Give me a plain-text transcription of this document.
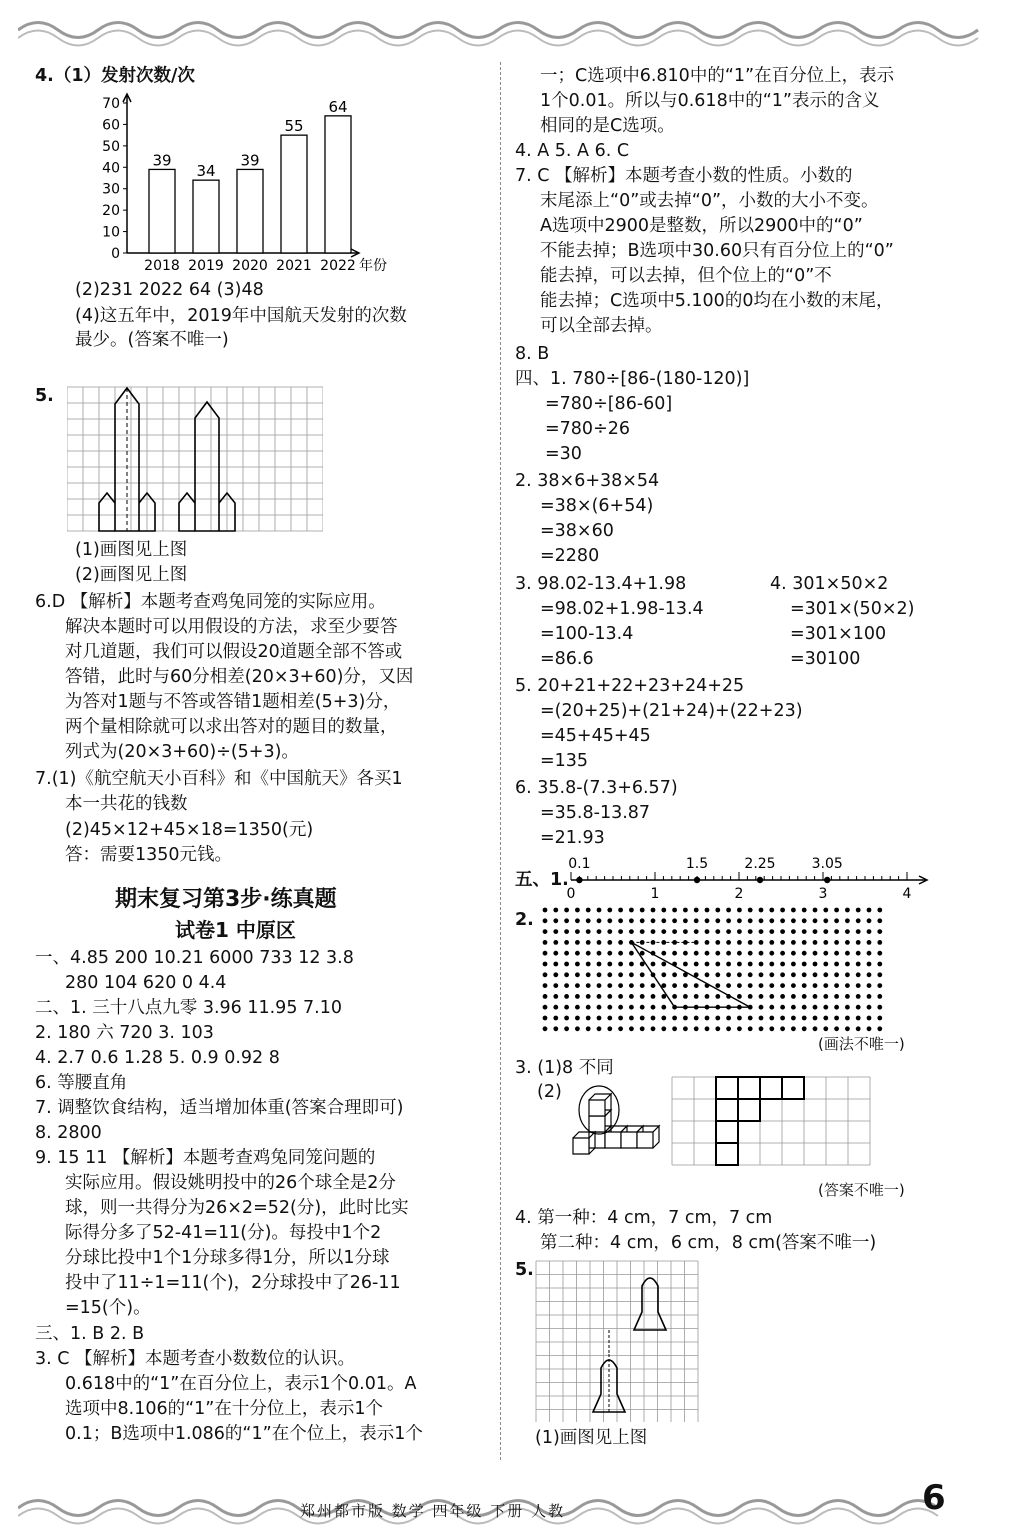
4.（1）发射次数/次
0
10
20
30
40
50
60
70
39
2018
34
2019
39
2020
55
2021
64
2022 年份
(2)231 2022 64 (3)48
(4)这五年中，2019年中国航天发射的次数
最少。(答案不唯一)
5.
(1)画图见上图
(2)画图见上图
6.D 【解析】本题考查鸡兔同笼的实际应用。
解决本题时可以用假设的方法，求至少要答
对几道题，我们可以假设20道题全部不答或
答错，此时与60分相差(20×3+60)分，又因
为答对1题与不答或答错1题相差(5+3)分，
两个量相除就可以求出答对的题目的数量，
列式为(20×3+60)÷(5+3)。
7.(1)《航空航天小百科》和《中国航天》各买1
本一共花的钱数
(2)45×12+45×18=1350(元)
答：需要1350元钱。
期末复习第3步·练真题
试卷1 中原区
一、4.85 200 10.21 6000 733 12 3.8
280 104 620 0 4.4
二、1. 三十八点九零 3.96 11.95 7.10
2. 180 六 720 3. 103
4. 2.7 0.6 1.28 5. 0.9 0.92 8
6. 等腰直角
7. 调整饮食结构，适当增加体重(答案合理即可)
8. 2800
9. 15 11 【解析】本题考查鸡兔同笼问题的
实际应用。假设姚明投中的26个球全是2分
球，则一共得分为26×2=52(分)，此时比实
际得分多了52-41=11(分)。每投中1个2
分球比投中1个1分球多得1分，所以1分球
投中了11÷1=11(个)，2分球投中了26-11
=15(个)。
三、1. B 2. B
3. C 【解析】本题考查小数数位的认识。
0.618中的“1”在百分位上，表示1个0.01。A
选项中8.106的“1”在十分位上，表示1个
0.1；B选项中1.086的“1”在个位上，表示1个
一；C选项中6.810中的“1”在百分位上，表示
1个0.01。所以与0.618中的“1”表示的含义
相同的是C选项。
4. A 5. A 6. C
7. C 【解析】本题考查小数的性质。小数的
末尾添上“0”或去掉“0”，小数的大小不变。
A选项中2900是整数，所以2900中的“0”
不能去掉；B选项中30.60只有百分位上的“0”
能去掉，可以去掉，但个位上的“0”不
能去掉；C选项中5.100的0均在小数的末尾，
可以全部去掉。
8. B
四、1. 780÷[86-(180-120)]
=780÷[86-60]
=780÷26
=30
2. 38×6+38×54
=38×(6+54)
=38×60
=2280
3. 98.02-13.4+1.98
=98.02+1.98-13.4
=100-13.4
=86.6
4. 301×50×2
=301×(50×2)
=301×100
=30100
5. 20+21+22+23+24+25
=(20+25)+(21+24)+(22+23)
=45+45+45
=135
6. 35.8-(7.3+6.57)
=35.8-13.87
=21.93
五、1.
0	1	2	3	4
0.1	1.5	2.25	3.05
2.
(画法不唯一)
3. (1)8 不同
(2)
(答案不唯一)
4. 第一种：4 cm，7 cm，7 cm
第二种：4 cm，6 cm，8 cm(答案不唯一)
5.
(1)画图见上图
郑州都市版 数学 四年级 下册 人教	6
